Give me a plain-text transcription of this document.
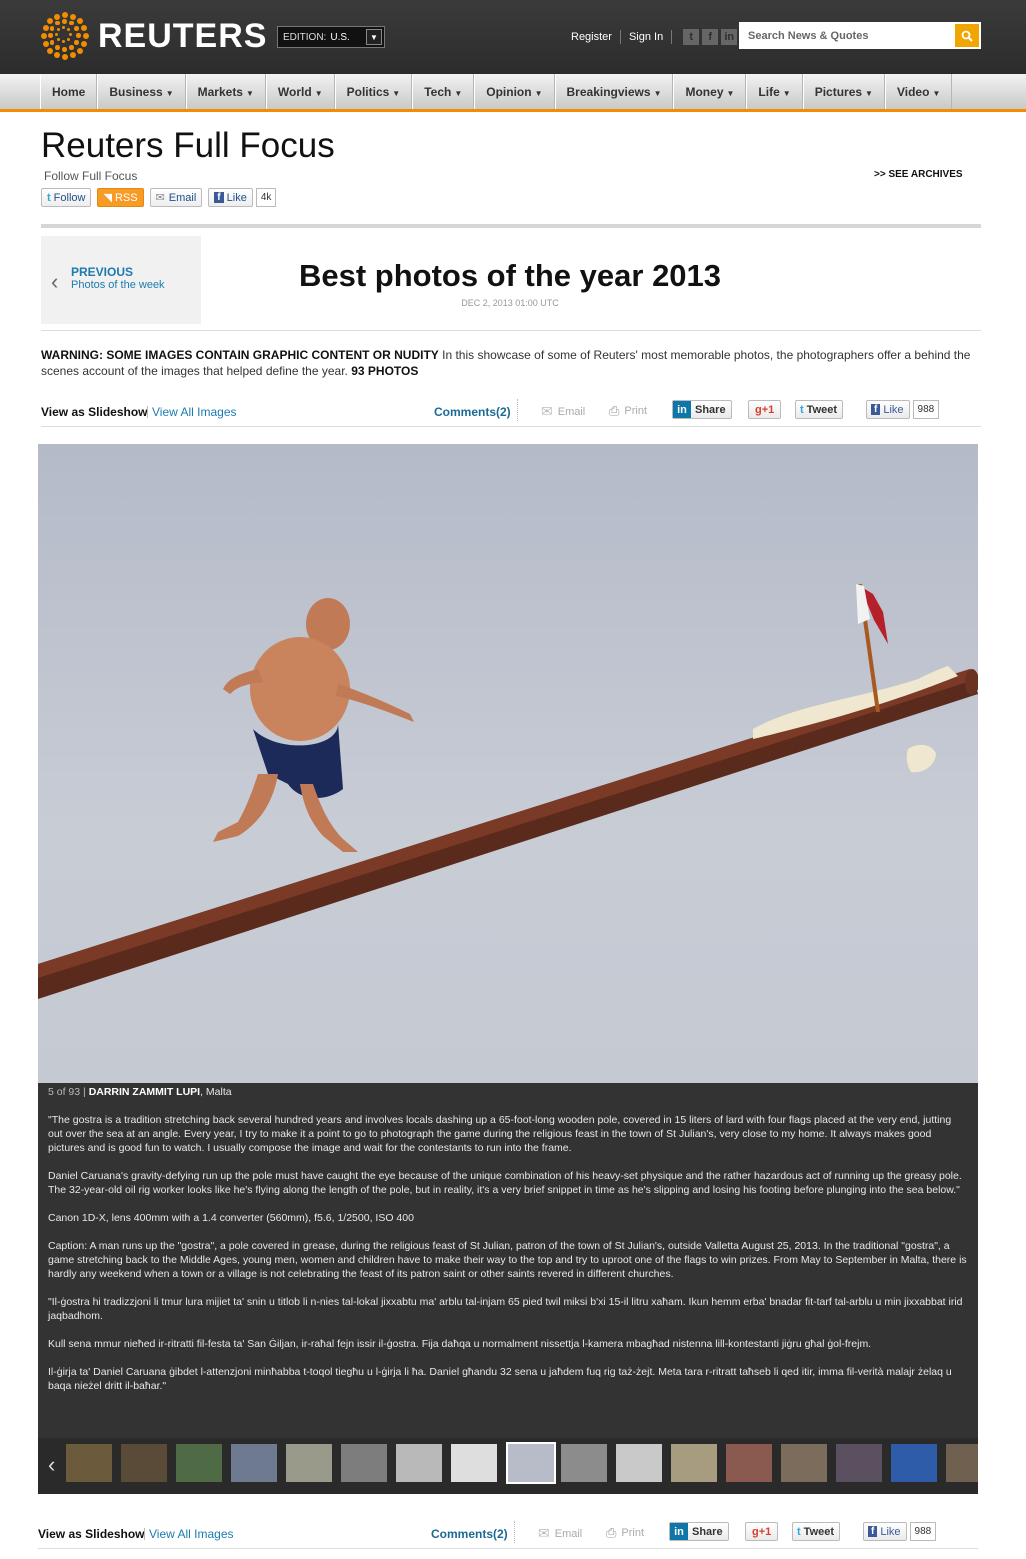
REUTERS EDITION: U.S.	▼	Register Sign In	t	f	in
Search News & Quotes
Home	Business ▼	Markets ▼	World ▼	Politics ▼	Tech ▼	Opinion ▼	Breakingviews ▼	Money ▼	Life ▼	Pictures ▼	Video ▼
Reuters Full Focus
Follow Full Focus	>> SEE ARCHIVES
t Follow ◥ RSS ✉ Email	f Like	4k
‹ PREVIOUS
Photos of the week	Best photos of the year 2013
DEC 2, 2013 01:00 UTC
WARNING: SOME IMAGES CONTAIN GRAPHIC CONTENT OR NUDITY In this showcase of some of Reuters' most memorable photos, the photographers offer a behind the scenes account of the images that helped define the year. 93 PHOTOS
View as Slideshow View All Images	Comments(2) ✉ Email ⎙ Print	in Share	g +1 t Tweet	f Like	988

5 of 93 | DARRIN ZAMMIT LUPI, Malta

"The gostra is a tradition stretching back several hundred years and involves locals dashing up a 65-foot-long wooden pole, covered in 15 liters of lard with four flags placed at the very end, jutting out over the sea at an angle. Every year, I try to make it a point to go to photograph the game during the religious feast in the town of St Julian's, very close to my home. It always makes good pictures and is good fun to watch. I usually compose the image and wait for the contestants to run into the frame.

Daniel Caruana's gravity-defying run up the pole must have caught the eye because of the unique combination of his heavy-set physique and the rather hazardous act of running up the greasy pole. The 32-year-old oil rig worker looks like he's flying along the length of the pole, but in reality, it's a very brief snippet in time as he's slipping and losing his footing before plunging into the sea below."

Canon 1D-X, lens 400mm with a 1.4 converter (560mm), f5.6, 1/2500, ISO 400

Caption: A man runs up the "gostra", a pole covered in grease, during the religious feast of St Julian, patron of the town of St Julian's, outside Valletta August 25, 2013. In the traditional "gostra", a game stretching back to the Middle Ages, young men, women and children have to make their way to the top and try to uproot one of the flags to win prizes. From May to September in Malta, there is hardly any weekend when a town or a village is not celebrating the feast of its patron saint or other saints revered in different churches.

"Il-ġostra hi tradizzjoni li tmur lura mijiet ta' snin u titlob li n-nies tal-lokal jixxabtu ma' arblu tal-injam 65 pied twil miksi b'xi 15-il litru xaħam. Ikun hemm erba' bnadar fit-tarf tal-arblu u min jixxabbat irid jaqbadhom.

Kull sena mmur nieħed ir-ritratti fil-festa ta' San Ġiljan, ir-raħal fejn issir il-ġostra. Fija daħqa u normalment nissettja l-kamera mbagħad nistenna lill-kontestanti jiġru għal ġol-frejm.

Il-ġirja ta' Daniel Caruana ġibdet l-attenzjoni minħabba t-toqol tiegħu u l-ġirja li ħa. Daniel għandu 32 sena u jaħdem fuq rig taż-żejt. Meta tara r-ritratt taħseb li qed itir, imma fil-verità malajr żelaq u baqa nieżel dritt il-baħar."

‹
View as Slideshow View All Images	Comments(2) ✉ Email ⎙ Print	in Share	g +1 t Tweet	f Like	988
